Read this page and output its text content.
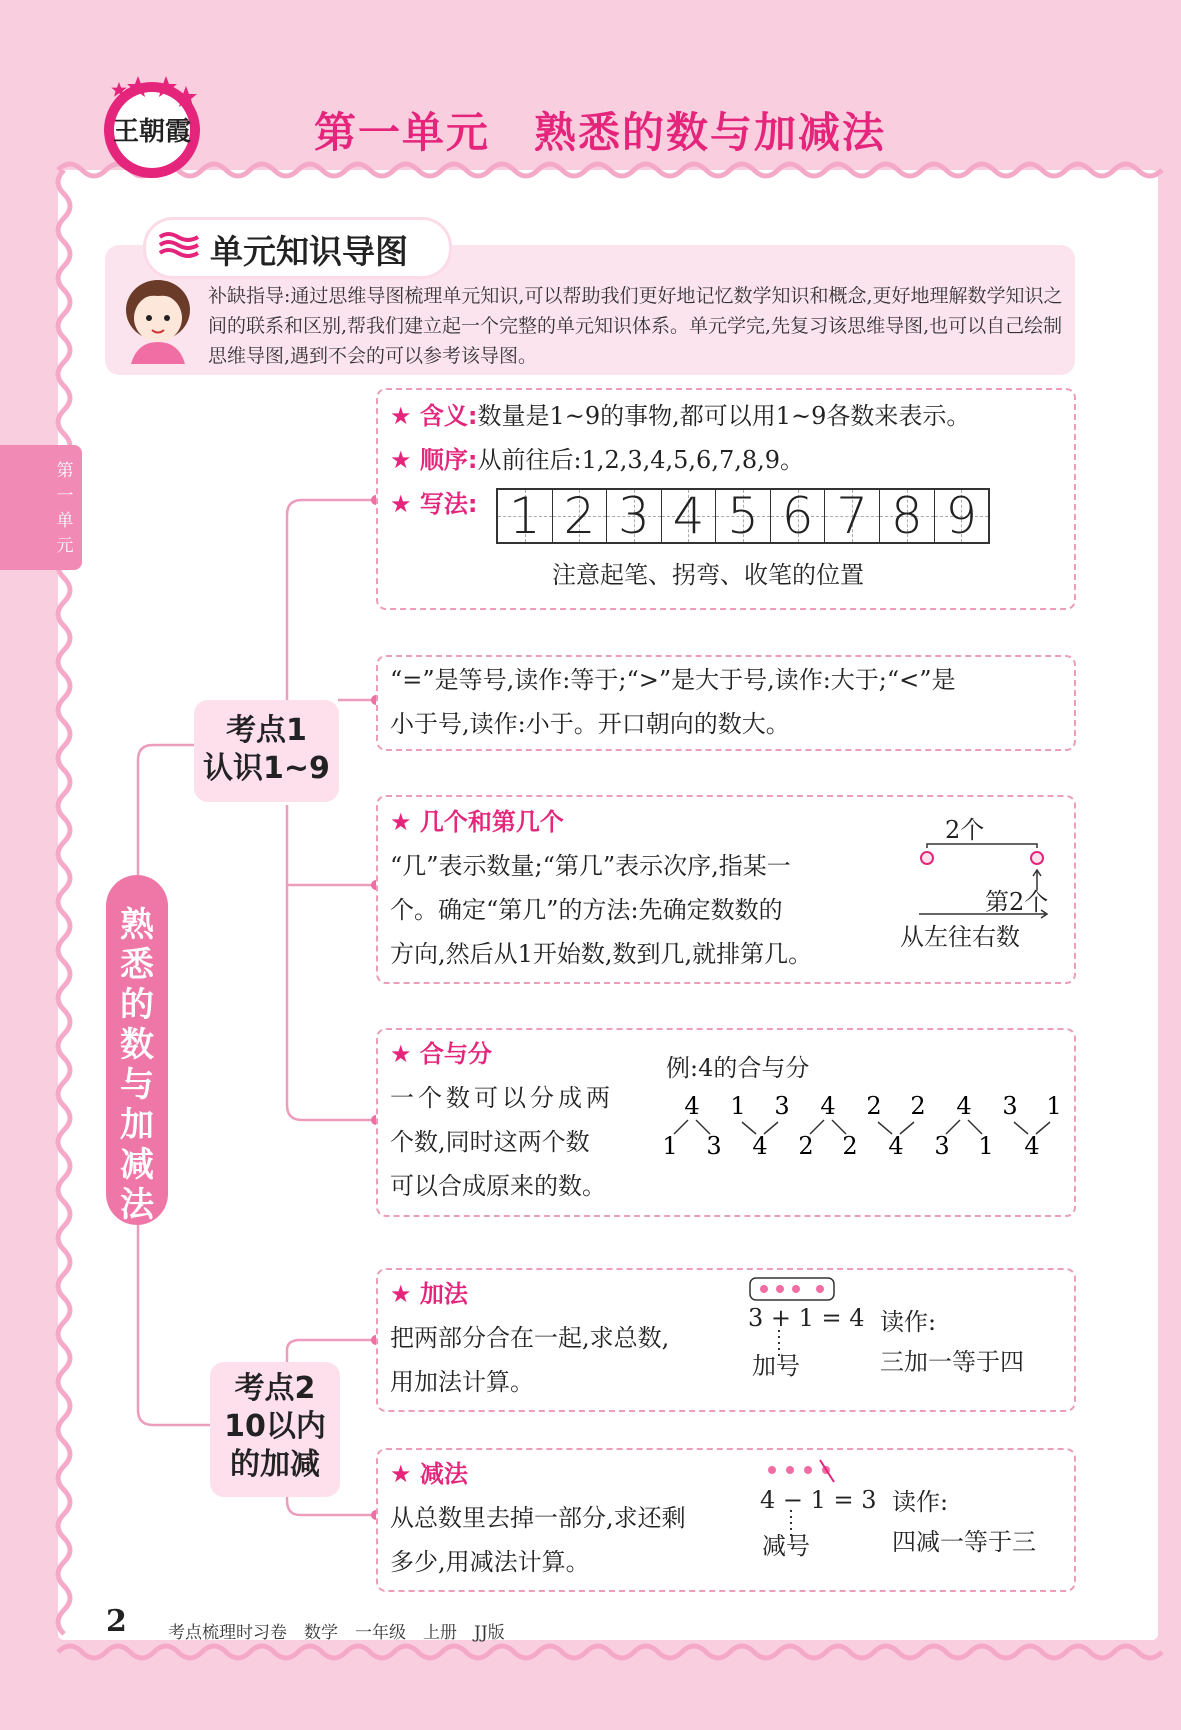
王朝霞	第一单元　熟悉的数与加减法
第一单元
单元知识导图
补缺指导:通过思维导图梳理单元知识,可以帮助我们更好地记忆数学知识和概念,更好地理解数学知识之间的联系和区别,帮我们建立起一个完整的单元知识体系。单元学完,先复习该思维导图,也可以自己绘制思维导图,遇到不会的可以参考该导图。
熟悉的数与加减法
考点1
认识1~9
考点2
10以内
的加减
★ 含义:数量是1~9的事物,都可以用1~9各数来表示。
★ 顺序:从前往后:1,2,3,4,5,6,7,8,9。
★ 写法: 1 2 3 4 5 6 7 8 9
注意起笔、拐弯、收笔的位置
“=”是等号,读作:等于;“>”是大于号,读作:大于;“<”是
小于号,读作:小于。开口朝向的数大。
★ 几个和第几个
“几”表示数量;“第几”表示次序,指某一
个。确定“第几”的方法:先确定数数的
方向,然后从1开始数,数到几,就排第几。
2个
第2个
从左往右数
★ 合与分
一个数可以分成两
个数,同时这两个数
可以合成原来的数。
例:4的合与分
4
1 3
1 3
4
4
2 2
2 2
4
4
3 1
3 1
4
★ 加法
把两部分合在一起,求总数,
用加法计算。
3 + 1 = 4
加号
读作:
三加一等于四
★ 减法
从总数里去掉一部分,求还剩
多少,用减法计算。
4 − 1 = 3
减号
读作:
四减一等于三
2 考点梳理时习卷　数学　一年级　上册　JJ版
